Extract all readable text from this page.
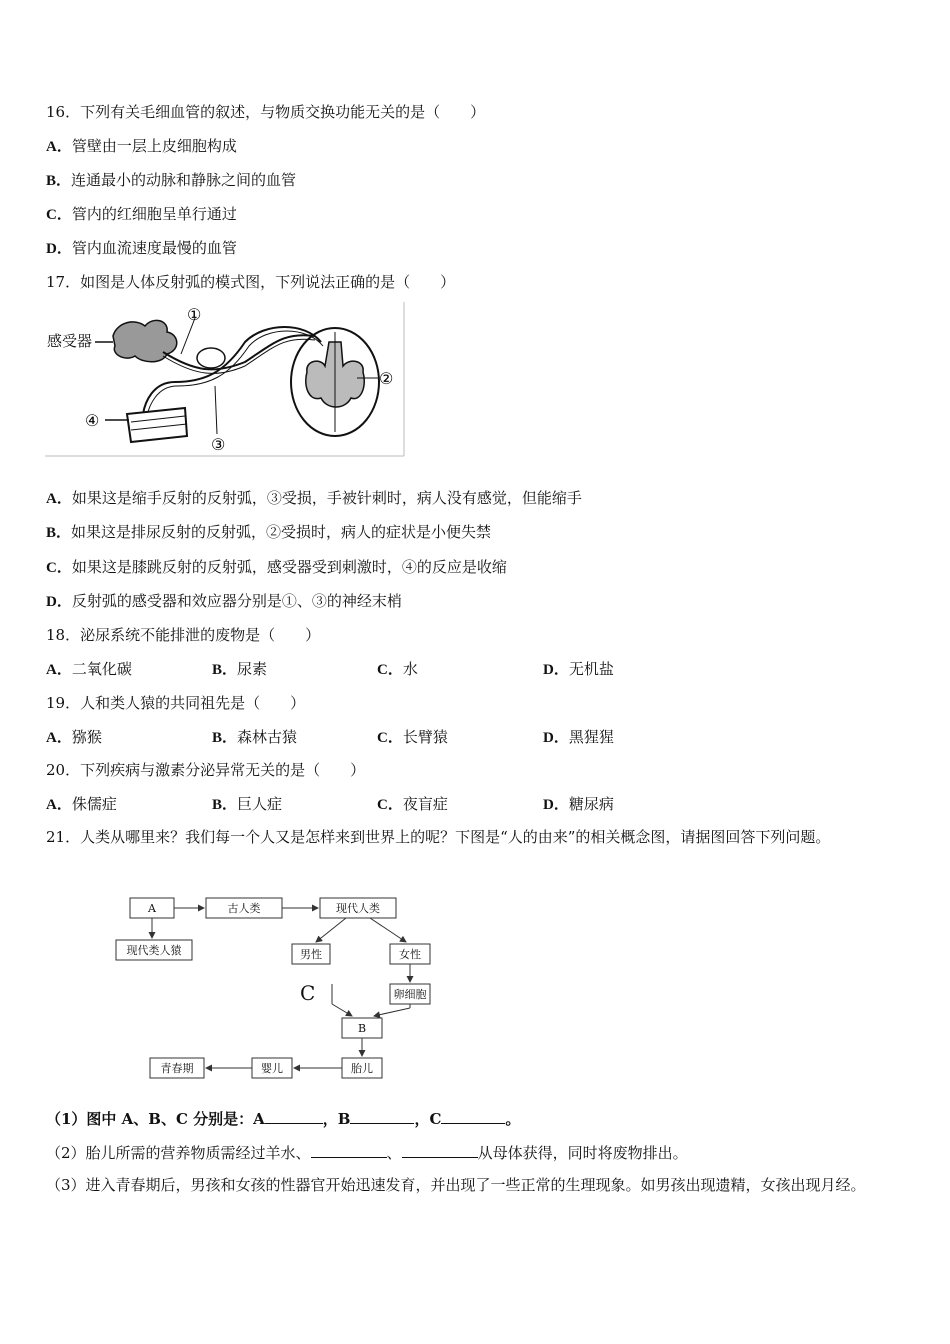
16．下列有关毛细血管的叙述，与物质交换功能无关的是（　　）
A．管壁由一层上皮细胞构成
B．连通最小的动脉和静脉之间的血管
C．管内的红细胞呈单行通过
D．管内血流速度最慢的血管
17．如图是人体反射弧的模式图，下列说法正确的是（　　）
感受器
①
②
③
④
A．如果这是缩手反射的反射弧，③受损，手被针刺时，病人没有感觉，但能缩手
B．如果这是排尿反射的反射弧，②受损时，病人的症状是小便失禁
C．如果这是膝跳反射的反射弧，感受器受到刺激时，④的反应是收缩
D．反射弧的感受器和效应器分别是①、③的神经末梢
18．泌尿系统不能排泄的废物是（　　）
A．二氧化碳	B．尿素	C．水	D．无机盐
19．人和类人猿的共同祖先是（　　）
A．猕猴	B．森林古猿	C．长臂猿	D．黑猩猩
20．下列疾病与激素分泌异常无关的是（　　）
A．侏儒症	B．巨人症	C．夜盲症	D．糖尿病
21．人类从哪里来？我们每一个人又是怎样来到世界上的呢？下图是“人的由来”的相关概念图，请据图回答下列问题。
A	古人类	现代人类
现代类人猿	男性	女性
卵细胞
B
胎儿
婴儿
青春期
C
（1）图中 A、B、C 分别是：A	，B	，C	。
（2）胎儿所需的营养物质需经过羊水、	、	从母体获得，同时将废物排出。
（3）进入青春期后，男孩和女孩的性器官开始迅速发育，并出现了一些正常的生理现象。如男孩出现遗精，女孩出现月经。
